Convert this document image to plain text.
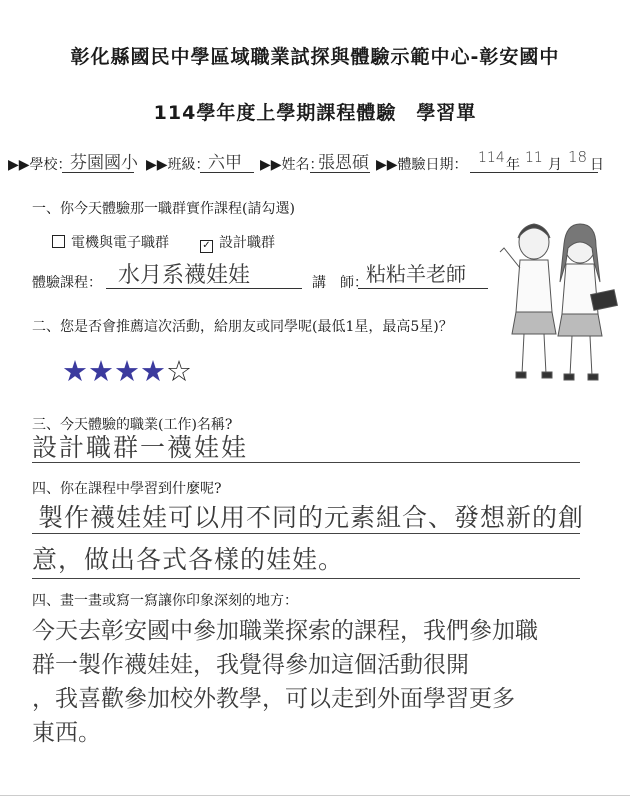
彰化縣國民中學區域職業試探與體驗示範中心-彰安國中
114學年度上學期課程體驗　學習單
▶▶學校：
芬園國小 ▶▶班級：
六甲 ▶▶姓名：
張恩碩 ▶▶體驗日期： 114 年 11 月 18 日
一、你今天體驗那一職群實作課程(請勾選)
電機與電子職群	✓ 設計職群
體驗課程： 水月系襪娃娃	講　師：
粘粘羊老師
二、您是否會推薦這次活動，給朋友或同學呢(最低1星，最高5星)？
★ ★ ★ ★ ☆
三、今天體驗的職業(工作)名稱?
設計職群一襪娃娃
四、你在課程中學習到什麼呢?
製作襪娃娃可以用不同的元素組合、發想新的創
意，做出各式各樣的娃娃。
四、畫一畫或寫一寫讓你印象深刻的地方：
今天去彰安國中參加職業探索的課程，我們參加職
群一製作襪娃娃，我覺得參加這個活動很開
，我喜歡參加校外教學，可以走到外面學習更多
東西。
